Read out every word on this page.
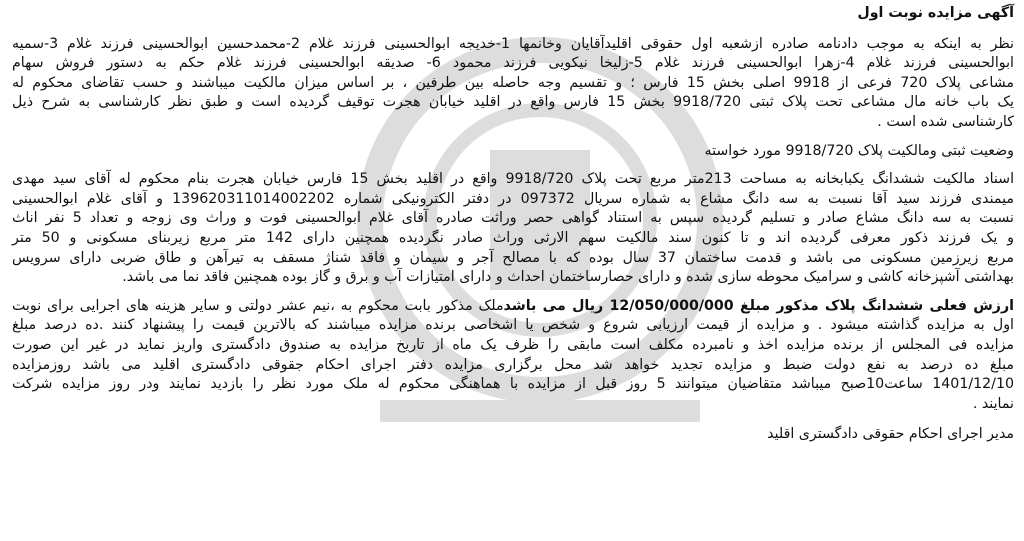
آگهی مزایده نوبت اول
نظر به اینکه به موجب دادنامه صادره ازشعبه اول حقوقی اقلیدآقایان وخانمها 1-خدیجه ابوالحسینی فرزند غلام 2-محمدحسین ابوالحسینی فرزند غلام 3-سمیه
ابوالحسینی فرزند غلام 4-زهرا ابوالحسینی فرزند غلام 5-زلیخا نیکویی فرزند محمود 6- صدیقه ابوالحسینی فرزند غلام حکم به دستور فروش سهام
مشاعی پلاک 720 فرعی از 9918 اصلی بخش 15 فارس ؛ و تقسیم وجه حاصله بین طرفین ، بر اساس میزان مالکیت میباشند و حسب تقاضای محکوم له
یک باب خانه مال مشاعی تحت پلاک ثبتی 9918/720 بخش 15 فارس واقع در اقلید خیابان هجرت توقیف گردیده است و طبق نظر کارشناسی به شرح ذیل
کارشناسی شده است .
وضعیت ثبتی ومالکیت پلاک 9918/720 مورد خواسته
اسناد مالکیت ششدانگ یکبابخانه به مساحت 213متر مربع تحت پلاک 9918/720 واقع در اقلید بخش 15 فارس خیابان هجرت بنام محکوم له آقای سید مهدی
میمندی فرزند سید آقا نسبت به سه دانگ مشاع به شماره سریال 097372 در دفتر الکترونیکی شماره 139620311014002202 و آقای غلام ابوالحسینی
نسبت به سه دانگ مشاع صادر و تسلیم گردیده سپس به استناد گواهی حصر وراثت صادره آقای غلام ابوالحسینی فوت و وراث وی زوجه و تعداد 5 نفر اناث
و یک فرزند ذکور معرفی گردیده اند و تا کنون سند مالکیت سهم الارثی وراث صادر نگردیده همچنین دارای 142 متر مربع زیربنای مسکونی و 50 متر
مربع زیرزمین مسکونی می باشد و قدمت ساختمان 37 سال بوده که با مصالح آجر و سیمان و فاقد شناژ مسقف به تیرآهن و طاق ضربی دارای سرویس
بهداشتی آشپزخانه کاشی و سرامیک محوطه سازی شده و دارای حصارساختمان احداث و دارای امتیازات آب و برق و گاز بوده همچنین فاقد نما می باشد.
ارزش فعلی ششدانگ پلاک مذکور مبلغ 12/050/000/000 ریال می باشدملک مذکور بابت محکوم به ،نیم عشر دولتی و سایر هزینه های اجرایی برای نوبت
اول به مزایده گذاشته میشود . و مزایده از قیمت ارزیابی شروع و شخص یا اشخاصی برنده مزایده میباشند که بالاترین قیمت را پیشنهاد کنند .ده درصد مبلغ
مزایده فی المجلس از برنده مزایده اخذ و نامبرده مکلف است مابقی را ظرف یک ماه از تاریخ مزایده به صندوق دادگستری واریز نماید در غیر این صورت
مبلغ ده درصد به نفع دولت ضبط و مزایده تجدید خواهد شد محل برگزاری مزایده دفتر اجرای احکام جقوقی دادگستری اقلید می باشد روزمزایده
1401/12/10 ساعت10صبح میباشد متقاضیان میتوانند 5 روز قبل از مزایده با هماهنگی محکوم له ملک مورد نظر را بازدید نمایند ودر روز مزایده شرکت
نمایند .
مدیر اجرای احکام حقوقی دادگستری اقلید
